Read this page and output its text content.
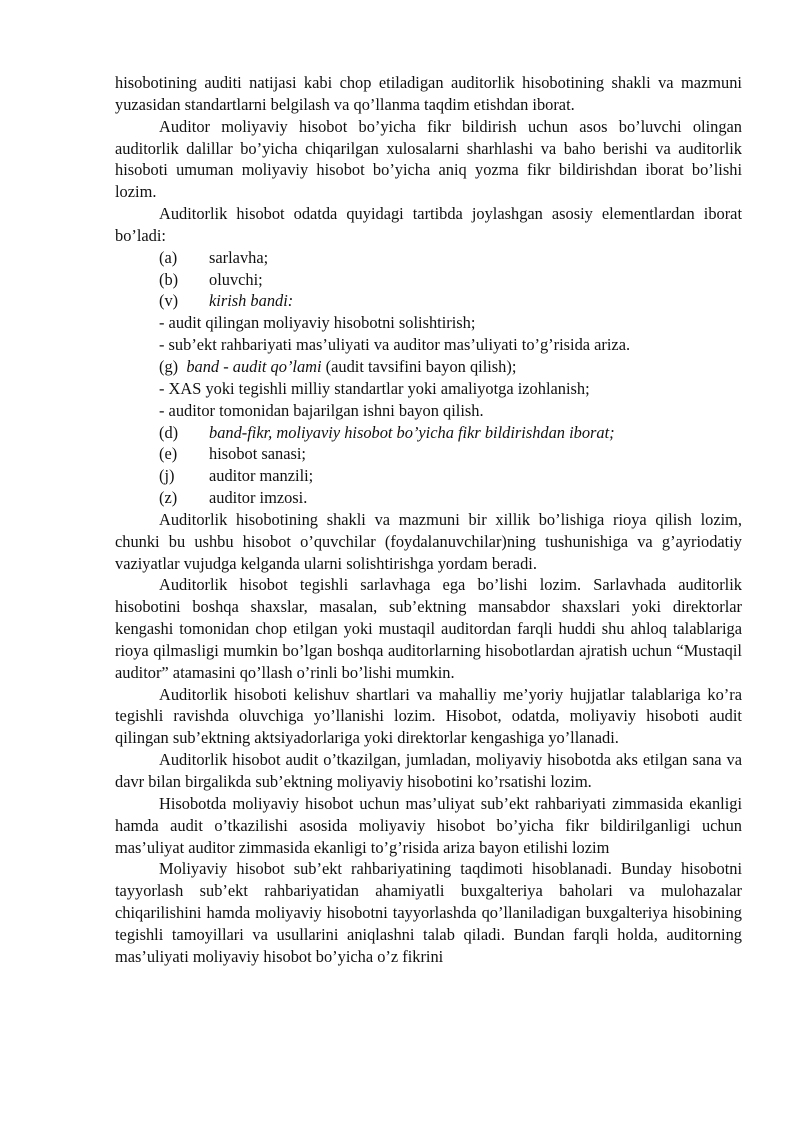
hisobotining auditi natijasi kabi chop etiladigan auditorlik hisobotining shakli va mazmuni yuzasidan standartlarni belgilash va qo’llanma taqdim etishdan iborat.

Auditor moliyaviy hisobot bo’yicha fikr bildirish uchun asos bo’luvchi olingan auditorlik dalillar bo’yicha chiqarilgan xulosalarni sharhlashi va baho berishi va auditorlik hisoboti umuman moliyaviy hisobot bo’yicha aniq yozma fikr bildirishdan iborat bo’lishi lozim.

Auditorlik hisobot odatda quyidagi tartibda joylashgan asosiy elementlardan iborat bo’ladi:

(a)	sarlavha;
(b)	oluvchi;
(v)	kirish bandi:

- audit qilingan moliyaviy hisobotni solishtirish;

- sub’ekt rahbariyati mas’uliyati va auditor mas’uliyati to’g’risida ariza.

(g) band - audit qo’lami (audit tavsifini bayon qilish);

- XAS yoki tegishli milliy standartlar yoki amaliyotga izohlanish;

- auditor tomonidan bajarilgan ishni bayon qilish.

(d)	band-fikr, moliyaviy hisobot bo’yicha fikr bildirishdan iborat;
(e)	hisobot sanasi;
(j)	auditor manzili;
(z)	auditor imzosi.

Auditorlik hisobotining shakli va mazmuni bir xillik bo’lishiga rioya qilish lozim, chunki bu ushbu hisobot o’quvchilar (foydalanuvchilar)ning tushunishiga va g’ayriodatiy vaziyatlar vujudga kelganda ularni solishtirishga yordam beradi.

Auditorlik hisobot tegishli sarlavhaga ega bo’lishi lozim. Sarlavhada auditorlik hisobotini boshqa shaxslar, masalan, sub’ektning mansabdor shaxslari yoki direktorlar kengashi tomonidan chop etilgan yoki mustaqil auditordan farqli huddi shu ahloq talablariga rioya qilmasligi mumkin bo’lgan boshqa auditorlarning hisobotlardan ajratish uchun “Mustaqil auditor” atamasini qo’llash o’rinli bo’lishi mumkin.

Auditorlik hisoboti kelishuv shartlari va mahalliy me’yoriy hujjatlar talablariga ko’ra tegishli ravishda oluvchiga yo’llanishi lozim. Hisobot, odatda, moliyaviy hisoboti audit qilingan sub’ektning aktsiyadorlariga yoki direktorlar kengashiga yo’llanadi.

Auditorlik hisobot audit o’tkazilgan, jumladan, moliyaviy hisobotda aks etilgan sana va davr bilan birgalikda sub’ektning moliyaviy hisobotini ko’rsatishi lozim.

Hisobotda moliyaviy hisobot uchun mas’uliyat sub’ekt rahbariyati zimmasida ekanligi hamda audit o’tkazilishi asosida moliyaviy hisobot bo’yicha fikr bildirilganligi uchun mas’uliyat auditor zimmasida ekanligi to’g’risida ariza bayon etilishi lozim

Moliyaviy hisobot sub’ekt rahbariyatining taqdimoti hisoblanadi. Bunday hisobotni tayyorlash sub’ekt rahbariyatidan ahamiyatli buxgalteriya baholari va mulohazalar chiqarilishini hamda moliyaviy hisobotni tayyorlashda qo’llaniladigan buxgalteriya hisobining tegishli tamoyillari va usullarini aniqlashni talab qiladi. Bundan farqli holda, auditorning mas’uliyati moliyaviy hisobot bo’yicha o’z fikrini
